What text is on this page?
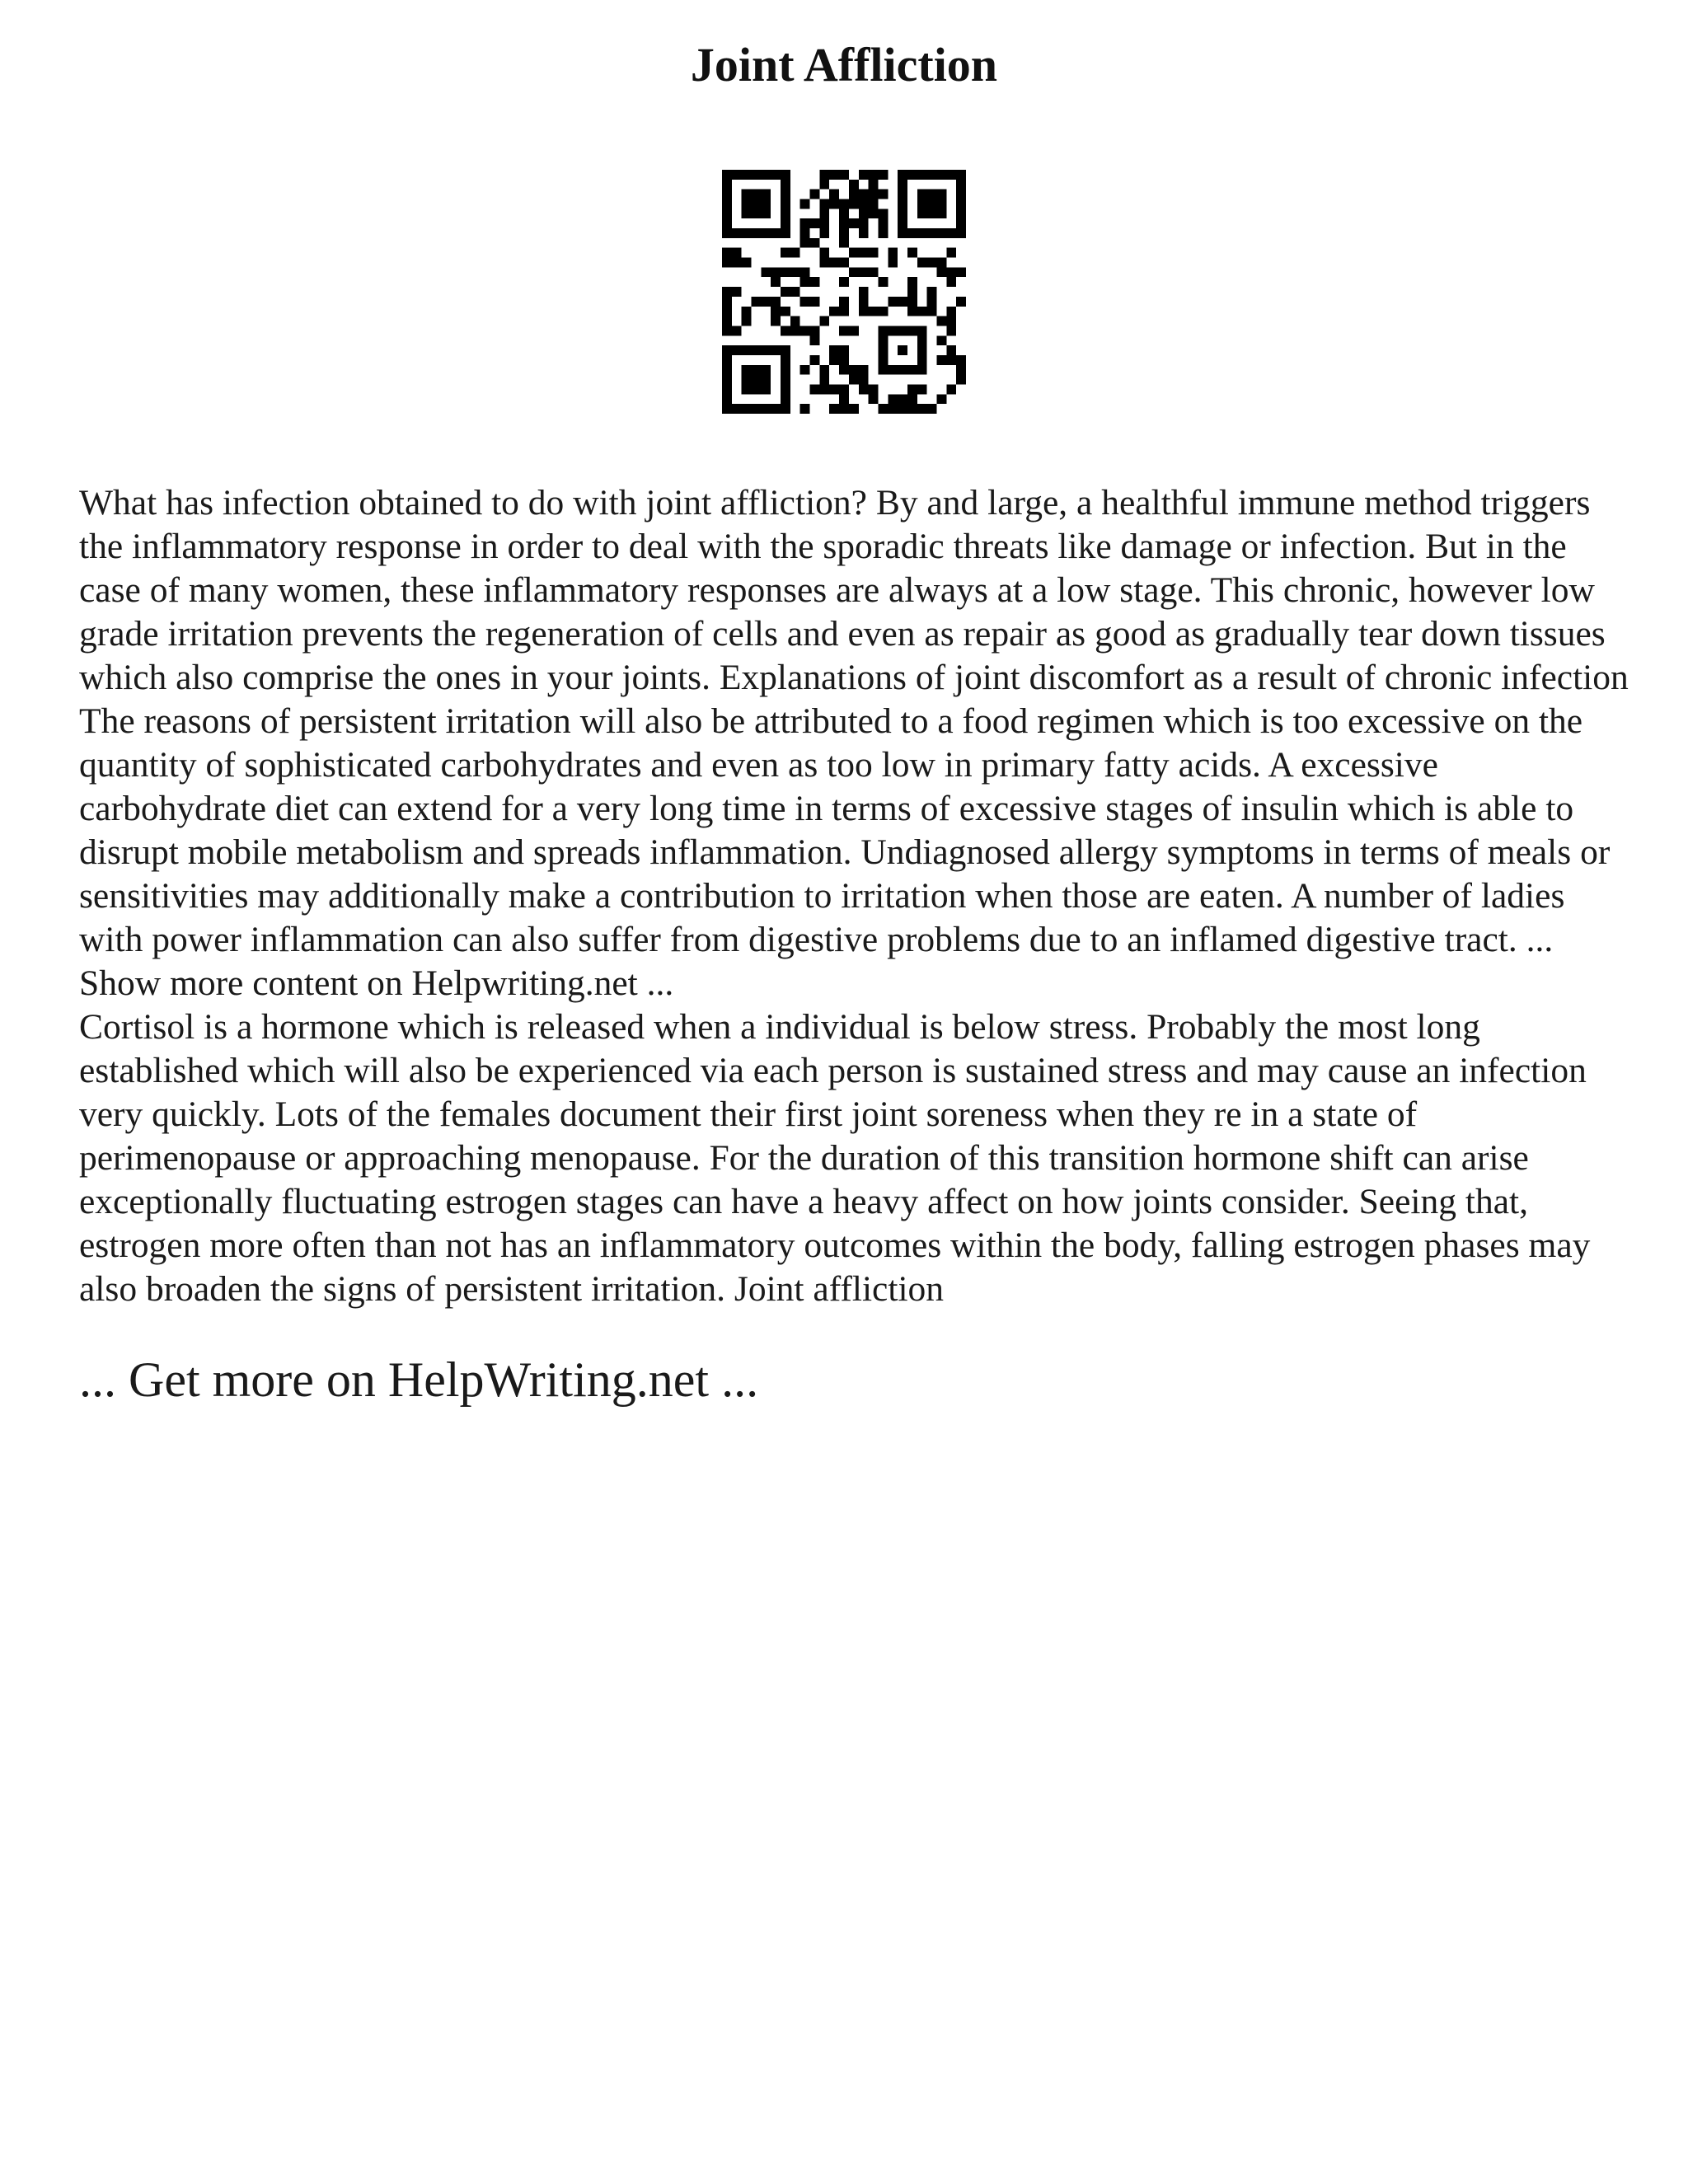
Joint Affliction

What has infection obtained to do with joint affliction? By and large, a healthful immune method triggers the inflammatory response in order to deal with the sporadic threats like damage or infection. But in the case of many women, these inflammatory responses are always at a low stage. This chronic, however low grade irritation prevents the regeneration of cells and even as repair as good as gradually tear down tissues which also comprise the ones in your joints. Explanations of joint discomfort as a result of chronic infection The reasons of persistent irritation will also be attributed to a food regimen which is too excessive on the quantity of sophisticated carbohydrates and even as too low in primary fatty acids. A excessive carbohydrate diet can extend for a very long time in terms of excessive stages of insulin which is able to disrupt mobile metabolism and spreads inflammation. Undiagnosed allergy symptoms in terms of meals or sensitivities may additionally make a contribution to irritation when those are eaten. A number of ladies with power inflammation can also suffer from digestive problems due to an inflamed digestive tract. ... Show more content on Helpwriting.net ...

Cortisol is a hormone which is released when a individual is below stress. Probably the most long established which will also be experienced via each person is sustained stress and may cause an infection very quickly. Lots of the females document their first joint soreness when they re in a state of perimenopause or approaching menopause. For the duration of this transition hormone shift can arise exceptionally fluctuating estrogen stages can have a heavy affect on how joints consider. Seeing that, estrogen more often than not has an inflammatory outcomes within the body, falling estrogen phases may also broaden the signs of persistent irritation. Joint affliction

... Get more on HelpWriting.net ...
